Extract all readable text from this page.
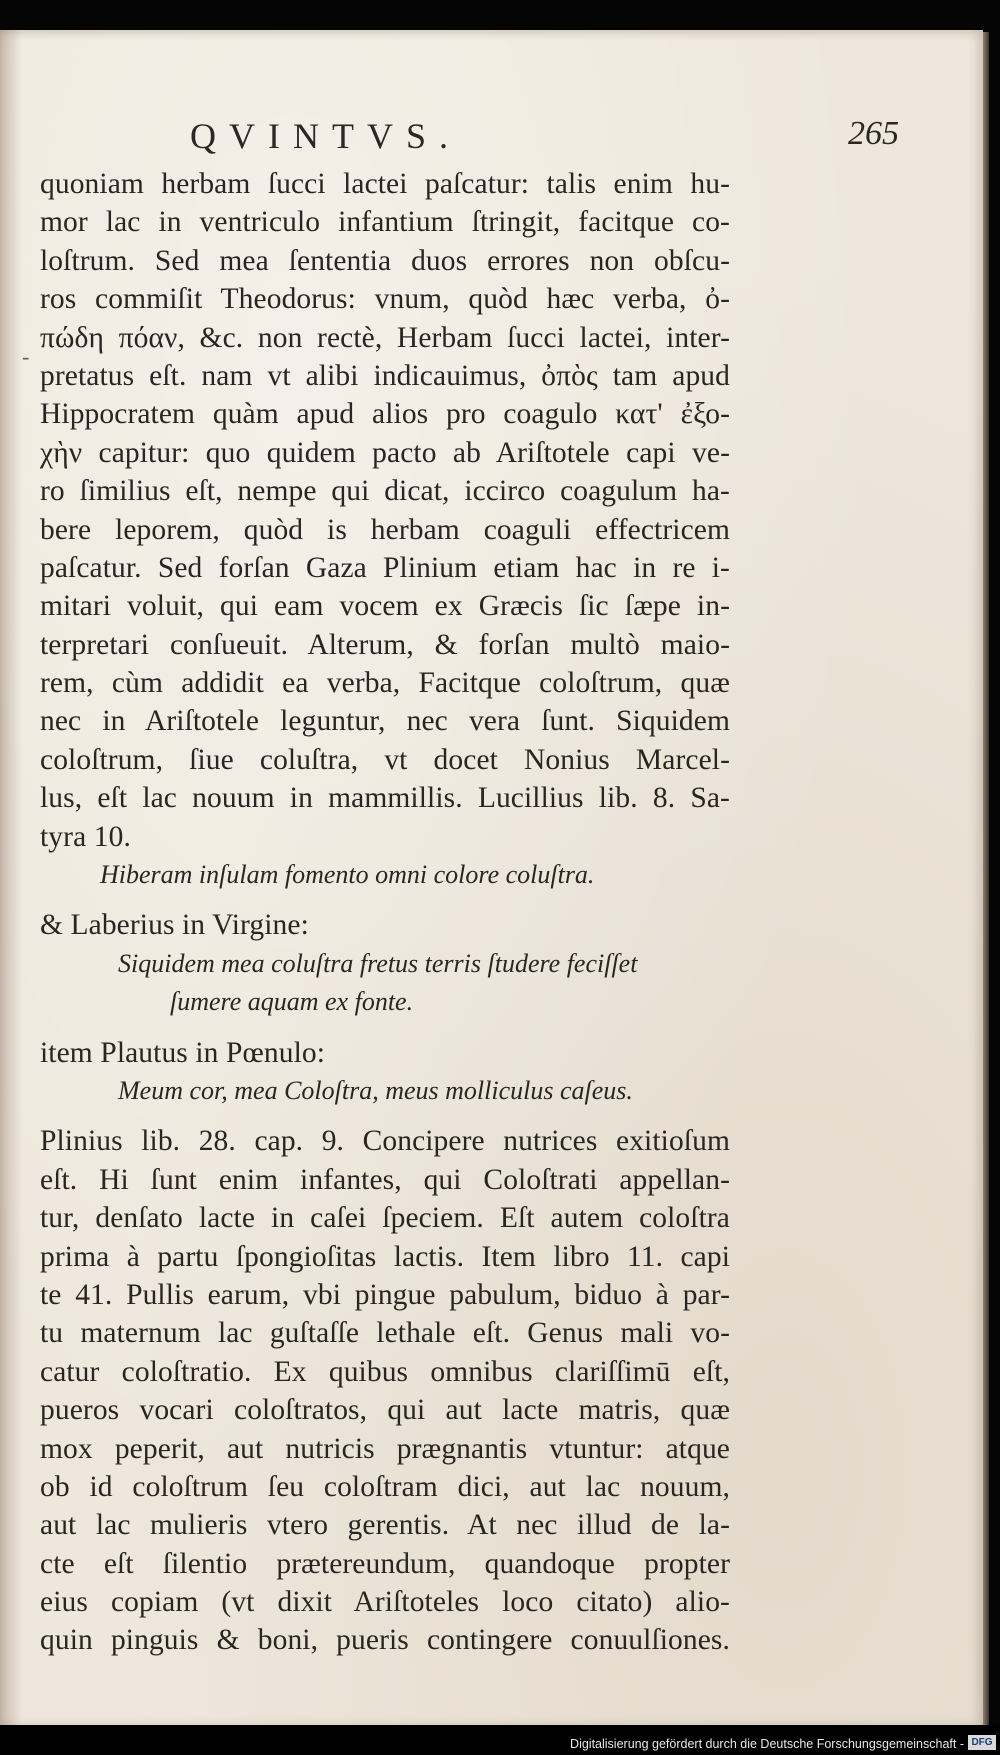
QVINTVS.	265
-
quoniam herbam ſucci lactei paſcatur: talis enim hu-
mor lac in ventriculo infantium ſtringit, facitque co-
loſtrum. Sed mea ſententia duos errores non obſcu-
ros commiſit Theodorus: vnum, quòd hæc verba, ὀ-
πώδη πόαν, &c. non rectè, Herbam ſucci lactei, inter-
pretatus eſt. nam vt alibi indicauimus, ὀπὸς tam apud
Hippocratem quàm apud alios pro coagulo κατ' ἐξο-
χὴν capitur: quo quidem pacto ab Ariſtotele capi ve-
ro ſimilius eſt, nempe qui dicat, iccirco coagulum ha-
bere leporem, quòd is herbam coaguli effectricem
paſcatur. Sed forſan Gaza Plinium etiam hac in re i-
mitari voluit, qui eam vocem ex Græcis ſic ſæpe in-
terpretari conſueuit. Alterum, & forſan multò maio-
rem, cùm addidit ea verba, Facitque coloſtrum, quæ
nec in Ariſtotele leguntur, nec vera ſunt. Siquidem
coloſtrum, ſiue coluſtra, vt docet Nonius Marcel-
lus, eſt lac nouum in mammillis. Lucillius lib. 8. Sa-
tyra 10.
Hiberam inſulam fomento omni colore coluſtra.
& Laberius in Virgine:
Siquidem mea coluſtra fretus terris ſtudere feciſſet
ſumere aquam ex fonte.
item Plautus in Pœnulo:
Meum cor, mea Coloſtra, meus molliculus caſeus.
Plinius lib. 28. cap. 9. Concipere nutrices exitioſum
eſt. Hi ſunt enim infantes, qui Coloſtrati appellan-
tur, denſato lacte in caſei ſpeciem. Eſt autem coloſtra
prima à partu ſpongioſitas lactis. Item libro 11. capi
te 41. Pullis earum, vbi pingue pabulum, biduo à par-
tu maternum lac guſtaſſe lethale eſt. Genus mali vo-
catur coloſtratio. Ex quibus omnibus clariſſimū eſt,
pueros vocari coloſtratos, qui aut lacte matris, quæ
mox peperit, aut nutricis prægnantis vtuntur: atque
ob id coloſtrum ſeu coloſtram dici, aut lac nouum,
aut lac mulieris vtero gerentis. At nec illud de la-
cte eſt ſilentio prætereundum, quandoque propter
eius copiam (vt dixit Ariſtoteles loco citato) alio-
quin pinguis & boni, pueris contingere conuulſiones.
Digitalisierung gefördert durch die Deutsche Forschungsgemeinschaft - DFG
